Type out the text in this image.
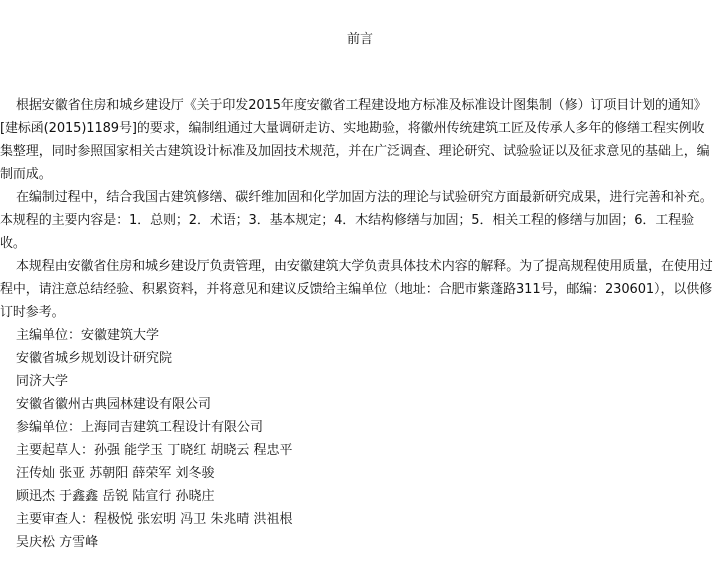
前言

根据安徽省住房和城乡建设厅《关于印发2015年度安徽省工程建设地方标准及标准设计图集制（修）订项目计划的通知》[建标函(2015)1189号]的要求，编制组通过大量调研走访、实地勘验，将徽州传统建筑工匠及传承人多年的修缮工程实例收集整理，同时参照国家相关古建筑设计标准及加固技术规范，并在广泛调查、理论研究、试验验证以及征求意见的基础上，编制而成。

在编制过程中，结合我国古建筑修缮、碳纤维加固和化学加固方法的理论与试验研究方面最新研究成果，进行完善和补充。本规程的主要内容是：1．总则；2．术语；3．基本规定；4．木结构修缮与加固；5．相关工程的修缮与加固；6．工程验收。

本规程由安徽省住房和城乡建设厅负责管理，由安徽建筑大学负责具体技术内容的解释。为了提高规程使用质量，在使用过程中，请注意总结经验、积累资料，并将意见和建议反馈给主编单位（地址：合肥市紫蓬路311号，邮编：230601），以供修订时参考。

主编单位：安徽建筑大学
安徽省城乡规划设计研究院
同济大学
安徽省徽州古典园林建设有限公司
参编单位：上海同吉建筑工程设计有限公司
主要起草人：孙强 能学玉 丁晓红 胡晓云 程忠平
汪传灿 张亚 苏朝阳 薛荣军 刘冬骏
顾迅杰 于鑫鑫 岳锐 陆宣行 孙晓庄
主要审查人：程极悦 张宏明 冯卫 朱兆晴 洪祖根
吴庆松 方雪峰
